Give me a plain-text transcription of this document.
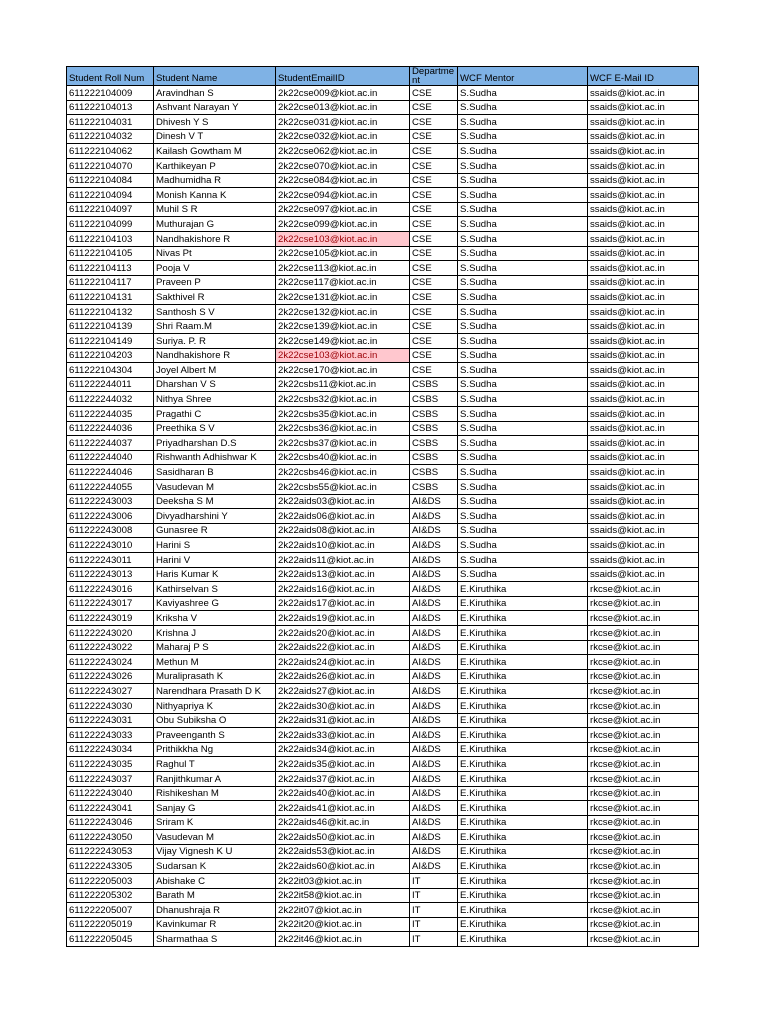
Student Roll Num	Student Name	StudentEmailID	Department	WCF Mentor	WCF E-Mail ID
611222104009	Aravindhan S	2k22cse009@kiot.ac.in	CSE	S.Sudha	ssaids@kiot.ac.in
611222104013	Ashvant Narayan Y	2k22cse013@kiot.ac.in	CSE	S.Sudha	ssaids@kiot.ac.in
611222104031	Dhivesh Y S	2k22cse031@kiot.ac.in	CSE	S.Sudha	ssaids@kiot.ac.in
611222104032	Dinesh V T	2k22cse032@kiot.ac.in	CSE	S.Sudha	ssaids@kiot.ac.in
611222104062	Kailash Gowtham M	2k22cse062@kiot.ac.in	CSE	S.Sudha	ssaids@kiot.ac.in
611222104070	Karthikeyan P	2k22cse070@kiot.ac.in	CSE	S.Sudha	ssaids@kiot.ac.in
611222104084	Madhumidha R	2k22cse084@kiot.ac.in	CSE	S.Sudha	ssaids@kiot.ac.in
611222104094	Monish Kanna K	2k22cse094@kiot.ac.in	CSE	S.Sudha	ssaids@kiot.ac.in
611222104097	Muhil S R	2k22cse097@kiot.ac.in	CSE	S.Sudha	ssaids@kiot.ac.in
611222104099	Muthurajan G	2k22cse099@kiot.ac.in	CSE	S.Sudha	ssaids@kiot.ac.in
611222104103	Nandhakishore R	2k22cse103@kiot.ac.in	CSE	S.Sudha	ssaids@kiot.ac.in
611222104105	Nivas Pt	2k22cse105@kiot.ac.in	CSE	S.Sudha	ssaids@kiot.ac.in
611222104113	Pooja V	2k22cse113@kiot.ac.in	CSE	S.Sudha	ssaids@kiot.ac.in
611222104117	Praveen P	2k22cse117@kiot.ac.in	CSE	S.Sudha	ssaids@kiot.ac.in
611222104131	Sakthivel R	2k22cse131@kiot.ac.in	CSE	S.Sudha	ssaids@kiot.ac.in
611222104132	Santhosh S V	2k22cse132@kiot.ac.in	CSE	S.Sudha	ssaids@kiot.ac.in
611222104139	Shri Raam.M	2k22cse139@kiot.ac.in	CSE	S.Sudha	ssaids@kiot.ac.in
611222104149	Suriya. P. R	2k22cse149@kiot.ac.in	CSE	S.Sudha	ssaids@kiot.ac.in
611222104203	Nandhakishore R	2k22cse103@kiot.ac.in	CSE	S.Sudha	ssaids@kiot.ac.in
611222104304	Joyel Albert M	2k22cse170@kiot.ac.in	CSE	S.Sudha	ssaids@kiot.ac.in
611222244011	Dharshan V S	2k22csbs11@kiot.ac.in	CSBS	S.Sudha	ssaids@kiot.ac.in
611222244032	Nithya Shree	2k22csbs32@kiot.ac.in	CSBS	S.Sudha	ssaids@kiot.ac.in
611222244035	Pragathi C	2k22csbs35@kiot.ac.in	CSBS	S.Sudha	ssaids@kiot.ac.in
611222244036	Preethika S V	2k22csbs36@kiot.ac.in	CSBS	S.Sudha	ssaids@kiot.ac.in
611222244037	Priyadharshan D.S	2k22csbs37@kiot.ac.in	CSBS	S.Sudha	ssaids@kiot.ac.in
611222244040	Rishwanth Adhishwar K	2k22csbs40@kiot.ac.in	CSBS	S.Sudha	ssaids@kiot.ac.in
611222244046	Sasidharan B	2k22csbs46@kiot.ac.in	CSBS	S.Sudha	ssaids@kiot.ac.in
611222244055	Vasudevan M	2k22csbs55@kiot.ac.in	CSBS	S.Sudha	ssaids@kiot.ac.in
611222243003	Deeksha S M	2k22aids03@kiot.ac.in	AI&DS	S.Sudha	ssaids@kiot.ac.in
611222243006	Divyadharshini Y	2k22aids06@kiot.ac.in	AI&DS	S.Sudha	ssaids@kiot.ac.in
611222243008	Gunasree R	2k22aids08@kiot.ac.in	AI&DS	S.Sudha	ssaids@kiot.ac.in
611222243010	Harini S	2k22aids10@kiot.ac.in	AI&DS	S.Sudha	ssaids@kiot.ac.in
611222243011	Harini V	2k22aids11@kiot.ac.in	AI&DS	S.Sudha	ssaids@kiot.ac.in
611222243013	Haris Kumar K	2k22aids13@kiot.ac.in	AI&DS	S.Sudha	ssaids@kiot.ac.in
611222243016	Kathirselvan S	2k22aids16@kiot.ac.in	AI&DS	E.Kiruthika	rkcse@kiot.ac.in
611222243017	Kaviyashree G	2k22aids17@kiot.ac.in	AI&DS	E.Kiruthika	rkcse@kiot.ac.in
611222243019	Kriksha V	2k22aids19@kiot.ac.in	AI&DS	E.Kiruthika	rkcse@kiot.ac.in
611222243020	Krishna J	2k22aids20@kiot.ac.in	AI&DS	E.Kiruthika	rkcse@kiot.ac.in
611222243022	Maharaj P S	2k22aids22@kiot.ac.in	AI&DS	E.Kiruthika	rkcse@kiot.ac.in
611222243024	Methun M	2k22aids24@kiot.ac.in	AI&DS	E.Kiruthika	rkcse@kiot.ac.in
611222243026	Muraliprasath K	2k22aids26@kiot.ac.in	AI&DS	E.Kiruthika	rkcse@kiot.ac.in
611222243027	Narendhara Prasath D K	2k22aids27@kiot.ac.in	AI&DS	E.Kiruthika	rkcse@kiot.ac.in
611222243030	Nithyapriya K	2k22aids30@kiot.ac.in	AI&DS	E.Kiruthika	rkcse@kiot.ac.in
611222243031	Obu Subiksha O	2k22aids31@kiot.ac.in	AI&DS	E.Kiruthika	rkcse@kiot.ac.in
611222243033	Praveenganth S	2k22aids33@kiot.ac.in	AI&DS	E.Kiruthika	rkcse@kiot.ac.in
611222243034	Prithikkha Ng	2k22aids34@kiot.ac.in	AI&DS	E.Kiruthika	rkcse@kiot.ac.in
611222243035	Raghul T	2k22aids35@kiot.ac.in	AI&DS	E.Kiruthika	rkcse@kiot.ac.in
611222243037	Ranjithkumar A	2k22aids37@kiot.ac.in	AI&DS	E.Kiruthika	rkcse@kiot.ac.in
611222243040	Rishikeshan M	2k22aids40@kiot.ac.in	AI&DS	E.Kiruthika	rkcse@kiot.ac.in
611222243041	Sanjay G	2k22aids41@kiot.ac.in	AI&DS	E.Kiruthika	rkcse@kiot.ac.in
611222243046	Sriram K	2k22aids46@kit.ac.in	AI&DS	E.Kiruthika	rkcse@kiot.ac.in
611222243050	Vasudevan M	2k22aids50@kiot.ac.in	AI&DS	E.Kiruthika	rkcse@kiot.ac.in
611222243053	Vijay Vignesh K U	2k22aids53@kiot.ac.in	AI&DS	E.Kiruthika	rkcse@kiot.ac.in
611222243305	Sudarsan K	2k22aids60@kiot.ac.in	AI&DS	E.Kiruthika	rkcse@kiot.ac.in
611222205003	Abishake C	2k22it03@kiot.ac.in	IT	E.Kiruthika	rkcse@kiot.ac.in
611222205302	Barath M	2k22it58@kiot.ac.in	IT	E.Kiruthika	rkcse@kiot.ac.in
611222205007	Dhanushraja R	2k22it07@kiot.ac.in	IT	E.Kiruthika	rkcse@kiot.ac.in
611222205019	Kavinkumar R	2k22it20@kiot.ac.in	IT	E.Kiruthika	rkcse@kiot.ac.in
611222205045	Sharmathaa S	2k22it46@kiot.ac.in	IT	E.Kiruthika	rkcse@kiot.ac.in
